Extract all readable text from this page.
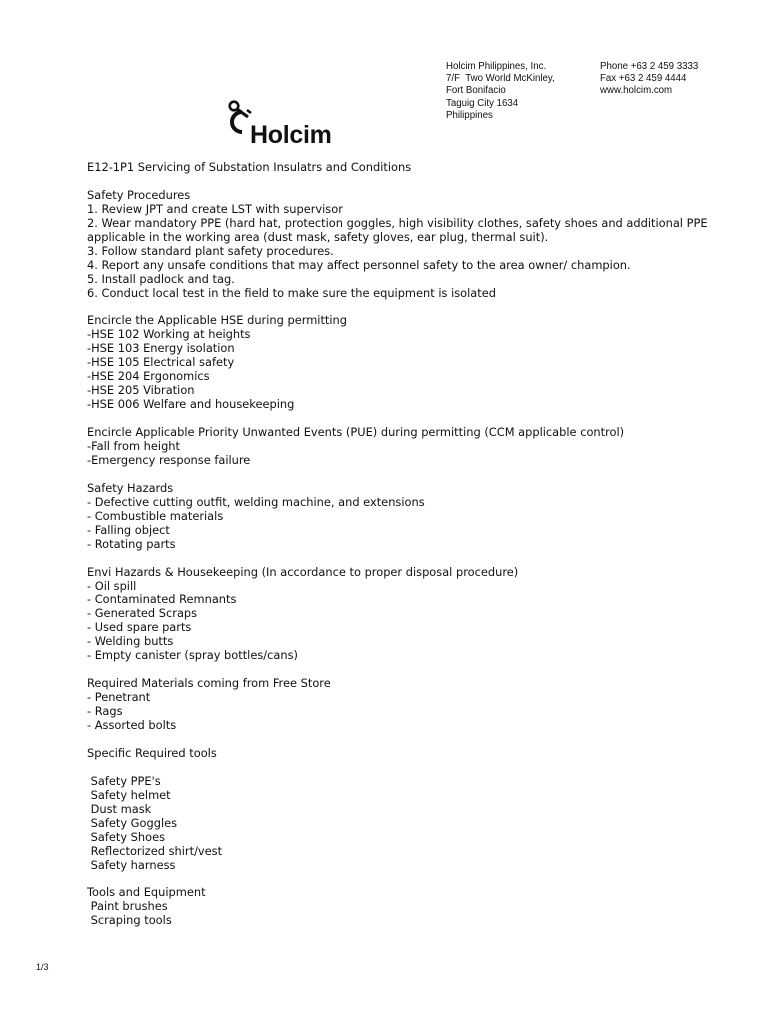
Holcim
Holcim Philippines, Inc.
7/F  Two World McKinley,
Fort Bonifacio
Taguig City 1634
Philippines
Phone +63 2 459 3333
Fax +63 2 459 4444
www.holcim.com
E12-1P1 Servicing of Substation Insulatrs and Conditions
Safety Procedures
1. Review JPT and create LST with supervisor
2. Wear mandatory PPE (hard hat, protection goggles, high visibility clothes, safety shoes and additional PPE applicable in the working area (dust mask, safety gloves, ear plug, thermal suit).
3. Follow standard plant safety procedures.
4. Report any unsafe conditions that may affect personnel safety to the area owner/ champion.
5. Install padlock and tag.
6. Conduct local test in the field to make sure the equipment is isolated
Encircle the Applicable HSE during permitting
-HSE 102 Working at heights
-HSE 103 Energy isolation
-HSE 105 Electrical safety
-HSE 204 Ergonomics
-HSE 205 Vibration
-HSE 006 Welfare and housekeeping
Encircle Applicable Priority Unwanted Events (PUE) during permitting (CCM applicable control)
-Fall from height
-Emergency response failure
Safety Hazards
- Defective cutting outfit, welding machine, and extensions
- Combustible materials
- Falling object
- Rotating parts
Envi Hazards & Housekeeping (In accordance to proper disposal procedure)
- Oil spill
- Contaminated Remnants
- Generated Scraps
- Used spare parts
- Welding butts
- Empty canister (spray bottles/cans)
Required Materials coming from Free Store
- Penetrant
- Rags
- Assorted bolts
Specific Required tools
Safety PPE's
Safety helmet
Dust mask
Safety Goggles
Safety Shoes
Reflectorized shirt/vest
Safety harness
Tools and Equipment
Paint brushes
Scraping tools
1/3
